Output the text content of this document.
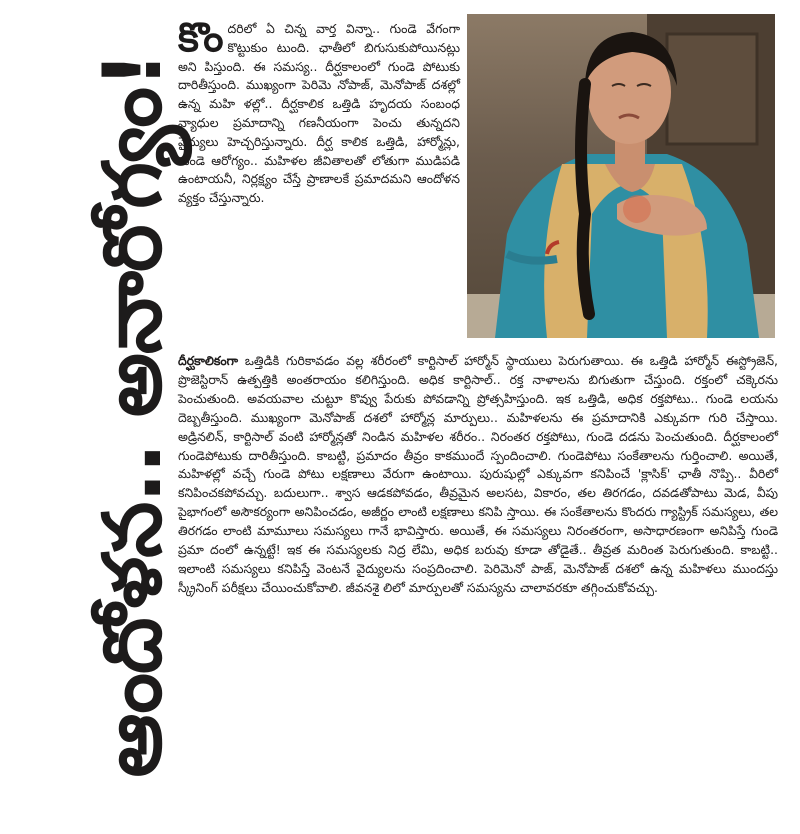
ఆందోళన.. అనారోగ్యం!

కొందరిలో ఏ చిన్న వార్త విన్నా.. గుండె వేగంగా కొట్టుకుం టుంది. ఛాతీలో బిగుసుకుపోయినట్లు అని పిస్తుంది. ఈ సమస్య.. దీర్ఘకాలంలో గుండె పోటుకు దారితీస్తుంది. ముఖ్యంగా పెరిమె నోపాజ్, మెనోపాజ్ దశల్లో ఉన్న మహి ళల్లో.. దీర్ఘకాలిక ఒత్తిడి హృదయ సంబంధ వ్యాధుల ప్రమాదాన్ని గణనీయంగా పెంచు తున్నదని వైద్యులు హెచ్చరిస్తున్నారు. దీర్ఘ కాలిక ఒత్తిడి, హార్మోన్లు, గుండె ఆరోగ్యం.. మహిళల జీవితాలతో లోతుగా ముడిపడి ఉంటాయనీ, నిర్లక్ష్యం చేస్తే ప్రాణాలకే ప్రమాదమని ఆందోళన వ్యక్తం చేస్తున్నారు.

దీర్ఘకాలికంగా ఒత్తిడికి గురికావడం వల్ల శరీరంలో కార్టిసాల్ హార్మోన్ స్థాయులు పెరుగుతాయి. ఈ ఒత్తిడి హార్మోన్ ఈస్ట్రోజెన్, ప్రొజెస్టిరాన్ ఉత్పత్తికి అంతరాయం కలిగిస్తుంది. అధిక కార్టిసాల్.. రక్త నాళాలను బిగుతుగా చేస్తుంది. రక్తంలో చక్కెరను పెంచుతుంది. అవయవాల చుట్టూ కొవ్వు పేరుకు పోవడాన్ని ప్రోత్సహిస్తుంది. ఇక ఒత్తిడి, అధిక రక్తపోటు.. గుండె లయను దెబ్బతీస్తుంది. ముఖ్యంగా మెనోపాజ్ దశలో హార్మోన్ల మార్పులు.. మహిళలను ఈ ప్రమాదానికి ఎక్కువగా గురి చేస్తాయి. అడ్రినలిన్, కార్టిసాల్ వంటి హార్మోన్లతో నిండిన మహిళల శరీరం.. నిరంతర రక్తపోటు, గుండె దడను పెంచుతుంది. దీర్ఘకాలంలో గుండెపోటుకు దారితీస్తుంది. కాబట్టి, ప్రమాదం తీవ్రం కాకముందే స్పందించాలి. గుండెపోటు సంకేతాలను గుర్తించాలి. అయితే, మహిళల్లో వచ్చే గుండె పోటు లక్షణాలు వేరుగా ఉంటాయి. పురుషుల్లో ఎక్కువగా కనిపించే 'క్లాసిక్' ఛాతీ నొప్పి.. వీరిలో కనిపించకపోవచ్చు. బదులుగా.. శ్వాస ఆడకపోవడం, తీవ్రమైన అలసట, వికారం, తల తిరగడం, దవడతోపాటు మెడ, వీపు పైభాగంలో అసౌకర్యంగా అనిపించడం, అజీర్ణం లాంటి లక్షణాలు కనిపి స్తాయి. ఈ సంకేతాలను కొందరు గ్యాస్ట్రిక్ సమస్యలు, తల తిరగడం లాంటి మామూలు సమస్యలు గానే భావిస్తారు. అయితే, ఈ సమస్యలు నిరంతరంగా, అసాధారణంగా అనిపిస్తే గుండె ప్రమా దంలో ఉన్నట్టే! ఇక ఈ సమస్యలకు నిద్ర లేమి, అధిక బరువు కూడా తోడైతే.. తీవ్రత మరింత పెరుగుతుంది. కాబట్టి.. ఇలాంటి సమస్యలు కనిపిస్తే వెంటనే వైద్యులను సంప్రదించాలి. పెరిమెనో పాజ్, మెనోపాజ్ దశలో ఉన్న మహిళలు ముందస్తు స్క్రీనింగ్ పరీక్షలు చేయించుకోవాలి. జీవనశై లిలో మార్పులతో సమస్యను చాలావరకూ తగ్గించుకోవచ్చు.
